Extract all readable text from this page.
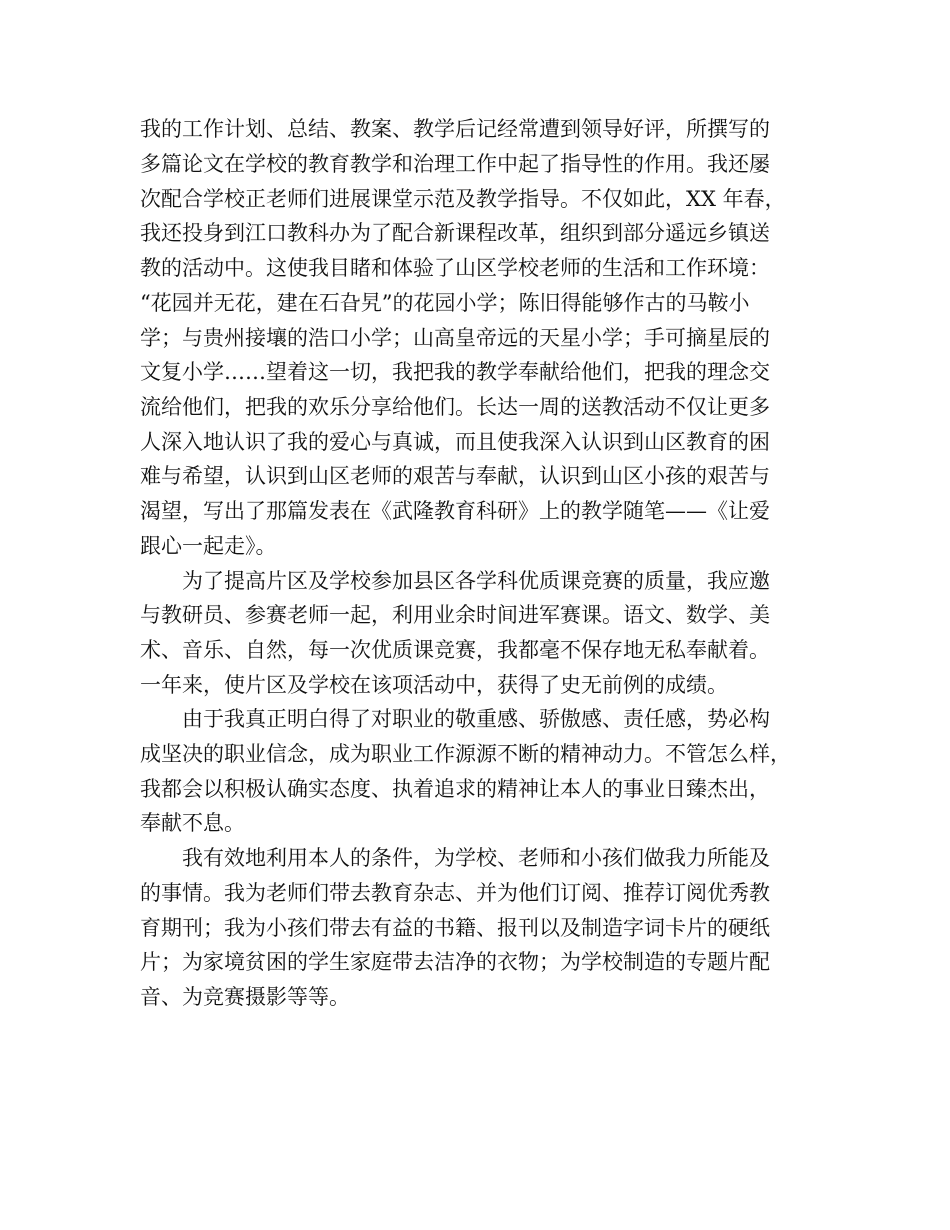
我的工作计划、总结、教案、教学后记经常遭到领导好评，所撰写的
多篇论文在学校的教育教学和治理工作中起了指导性的作用。我还屡
次配合学校正老师们进展课堂示范及教学指导。不仅如此，XX 年春，
我还投身到江口教科办为了配合新课程改革，组织到部分遥远乡镇送
教的活动中。这使我目睹和体验了山区学校老师的生活和工作环境：
“花园并无花，建在石旮旯”的花园小学；陈旧得能够作古的马鞍小
学；与贵州接壤的浩口小学；山高皇帝远的天星小学；手可摘星辰的
文复小学……望着这一切，我把我的教学奉献给他们，把我的理念交
流给他们，把我的欢乐分享给他们。长达一周的送教活动不仅让更多
人深入地认识了我的爱心与真诚，而且使我深入认识到山区教育的困
难与希望，认识到山区老师的艰苦与奉献，认识到山区小孩的艰苦与
渴望，写出了那篇发表在《武隆教育科研》上的教学随笔——《让爱
跟心一起走》。
为了提高片区及学校参加县区各学科优质课竞赛的质量，我应邀
与教研员、参赛老师一起，利用业余时间进军赛课。语文、数学、美
术、音乐、自然，每一次优质课竞赛，我都毫不保存地无私奉献着。
一年来，使片区及学校在该项活动中，获得了史无前例的成绩。
由于我真正明白得了对职业的敬重感、骄傲感、责任感，势必构
成坚决的职业信念，成为职业工作源源不断的精神动力。不管怎么样，
我都会以积极认确实态度、执着追求的精神让本人的事业日臻杰出，
奉献不息。
我有效地利用本人的条件，为学校、老师和小孩们做我力所能及
的事情。我为老师们带去教育杂志、并为他们订阅、推荐订阅优秀教
育期刊；我为小孩们带去有益的书籍、报刊以及制造字词卡片的硬纸
片；为家境贫困的学生家庭带去洁净的衣物；为学校制造的专题片配
音、为竞赛摄影等等。
